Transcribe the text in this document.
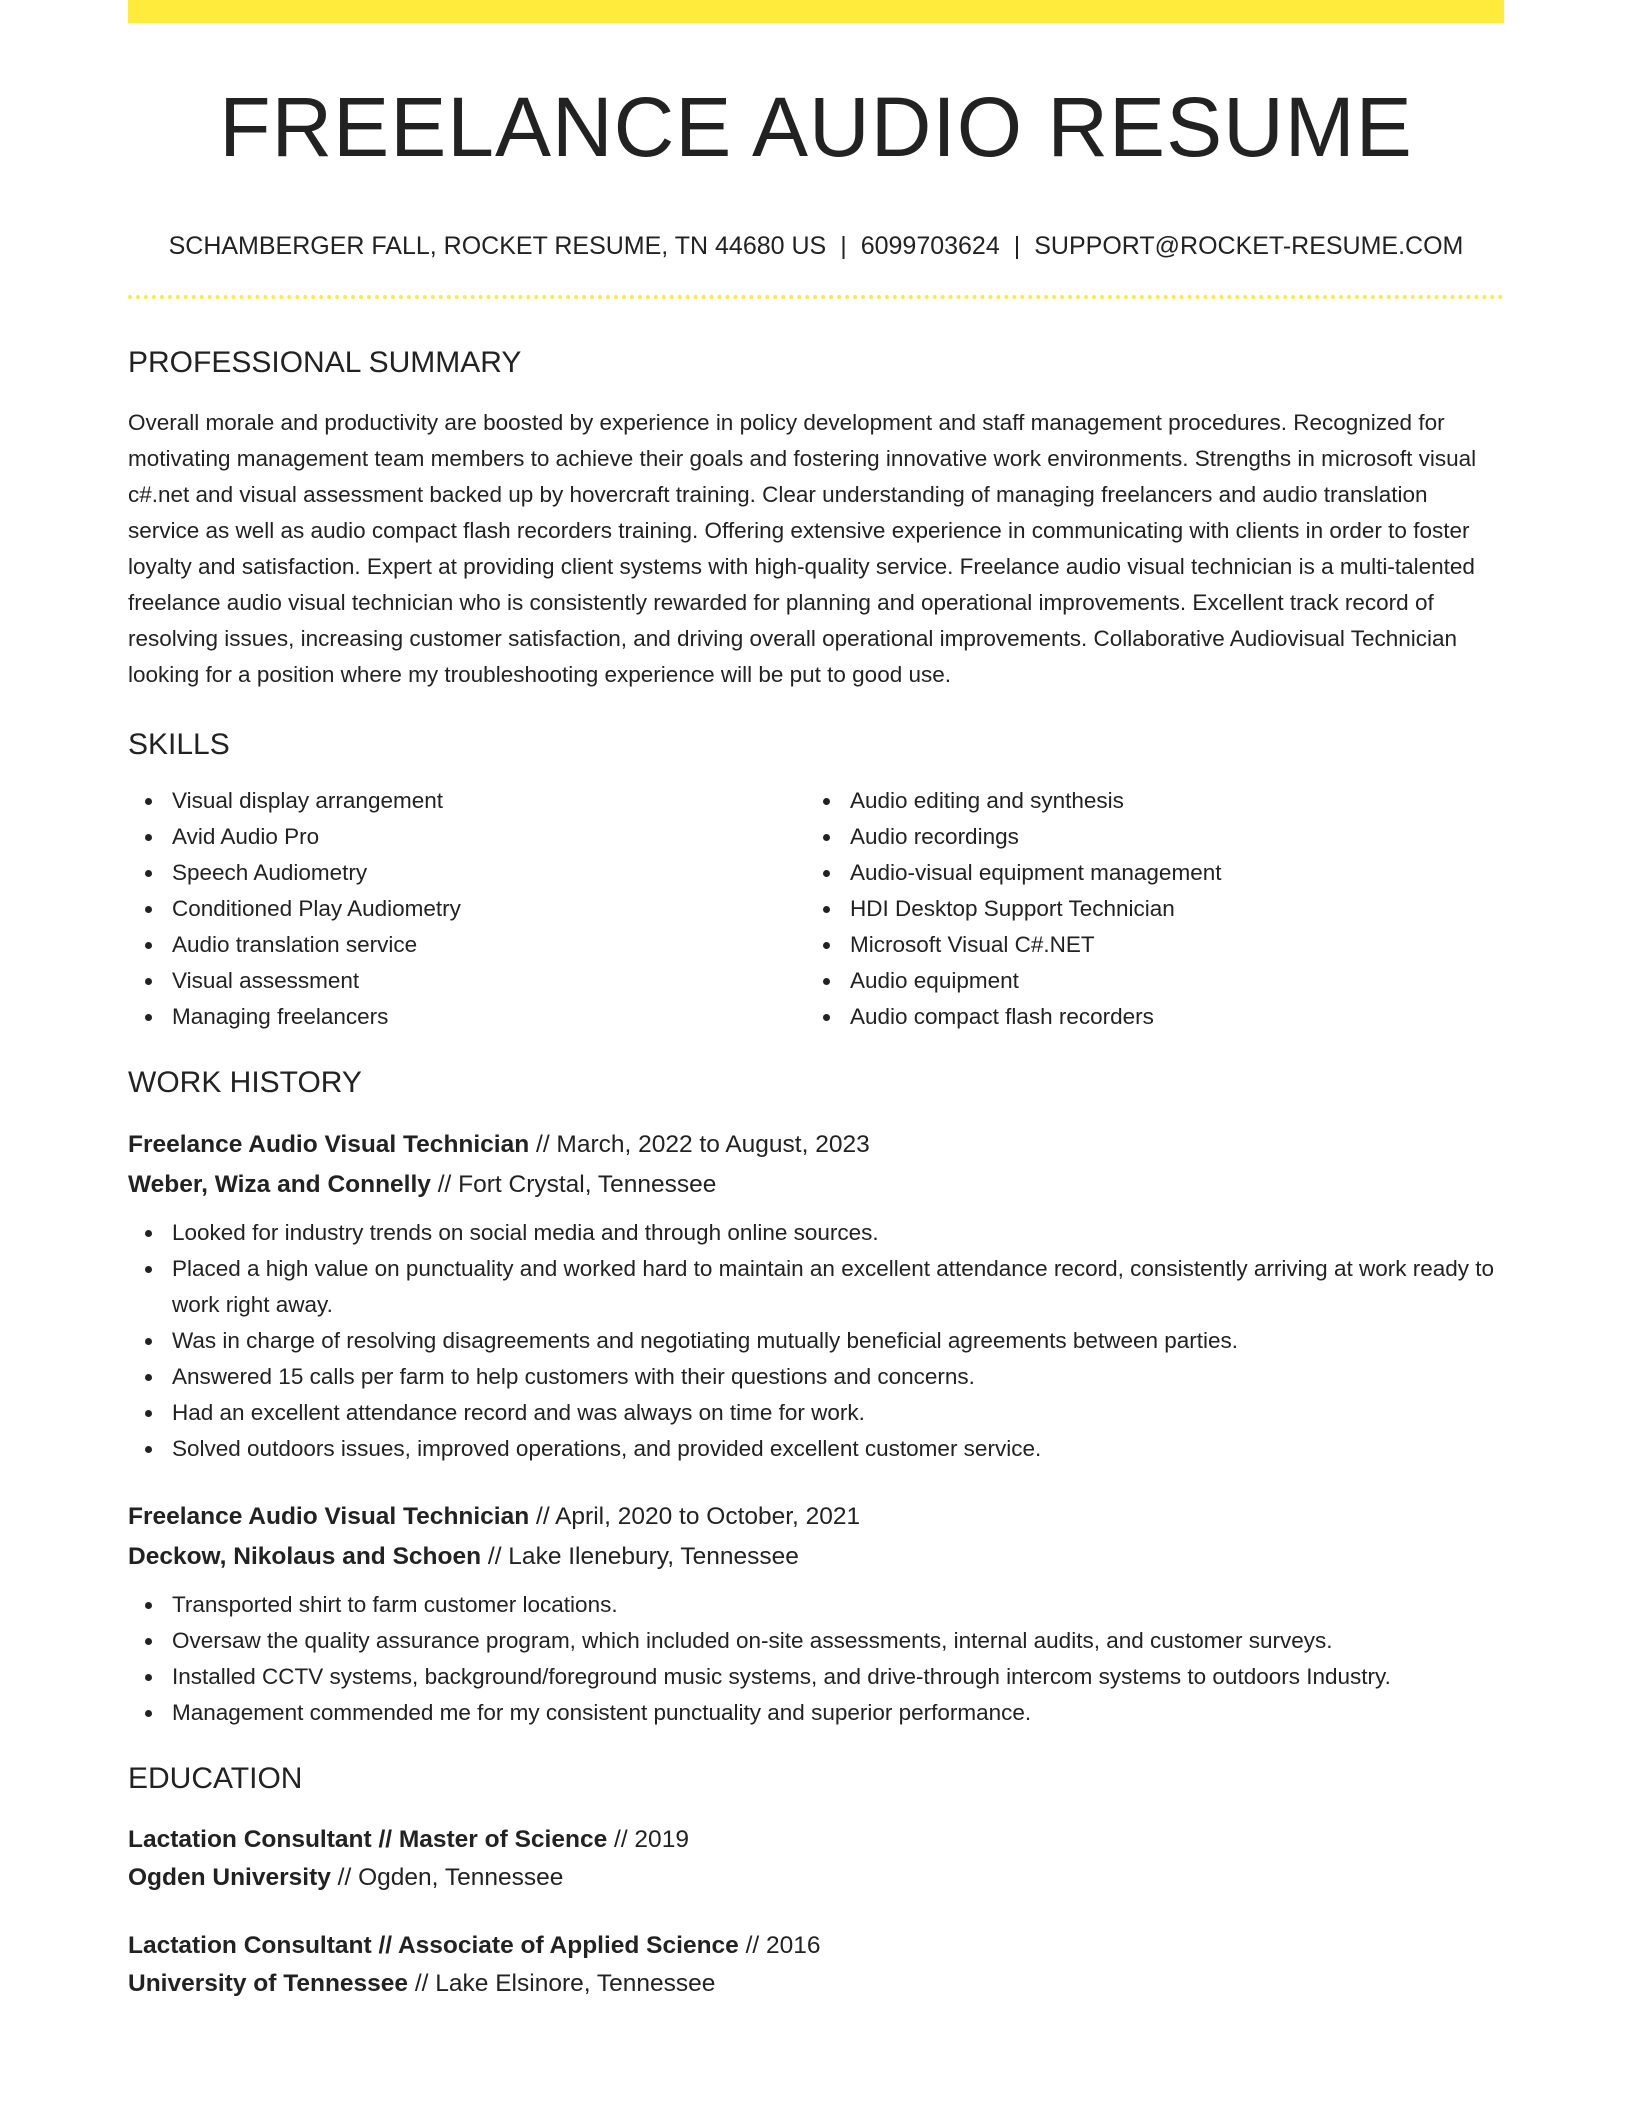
FREELANCE AUDIO RESUME
SCHAMBERGER FALL, ROCKET RESUME, TN 44680 US | 6099703624 | SUPPORT@ROCKET-RESUME.COM
PROFESSIONAL SUMMARY

Overall morale and productivity are boosted by experience in policy development and staff management procedures. Recognized for motivating management team members to achieve their goals and fostering innovative work environments. Strengths in microsoft visual c#.net and visual assessment backed up by hovercraft training. Clear understanding of managing freelancers and audio translation service as well as audio compact flash recorders training. Offering extensive experience in communicating with clients in order to foster loyalty and satisfaction. Expert at providing client systems with high-quality service. Freelance audio visual technician is a multi-talented freelance audio visual technician who is consistently rewarded for planning and operational improvements. Excellent track record of resolving issues, increasing customer satisfaction, and driving overall operational improvements. Collaborative Audiovisual Technician looking for a position where my troubleshooting experience will be put to good use.

SKILLS
Visual display arrangement
Avid Audio Pro
Speech Audiometry
Conditioned Play Audiometry
Audio translation service
Visual assessment
Managing freelancers
Audio editing and synthesis
Audio recordings
Audio-visual equipment management
HDI Desktop Support Technician
Microsoft Visual C#.NET
Audio equipment
Audio compact flash recorders
WORK HISTORY
Freelance Audio Visual Technician // March, 2022 to August, 2023
Weber, Wiza and Connelly // Fort Crystal, Tennessee
Looked for industry trends on social media and through online sources.
Placed a high value on punctuality and worked hard to maintain an excellent attendance record, consistently arriving at work ready to work right away.
Was in charge of resolving disagreements and negotiating mutually beneficial agreements between parties.
Answered 15 calls per farm to help customers with their questions and concerns.
Had an excellent attendance record and was always on time for work.
Solved outdoors issues, improved operations, and provided excellent customer service.
Freelance Audio Visual Technician // April, 2020 to October, 2021
Deckow, Nikolaus and Schoen // Lake Ilenebury, Tennessee
Transported shirt to farm customer locations.
Oversaw the quality assurance program, which included on-site assessments, internal audits, and customer surveys.
Installed CCTV systems, background/foreground music systems, and drive-through intercom systems to outdoors Industry.
Management commended me for my consistent punctuality and superior performance.
EDUCATION
Lactation Consultant // Master of Science // 2019
Ogden University // Ogden, Tennessee
Lactation Consultant // Associate of Applied Science // 2016
University of Tennessee // Lake Elsinore, Tennessee
